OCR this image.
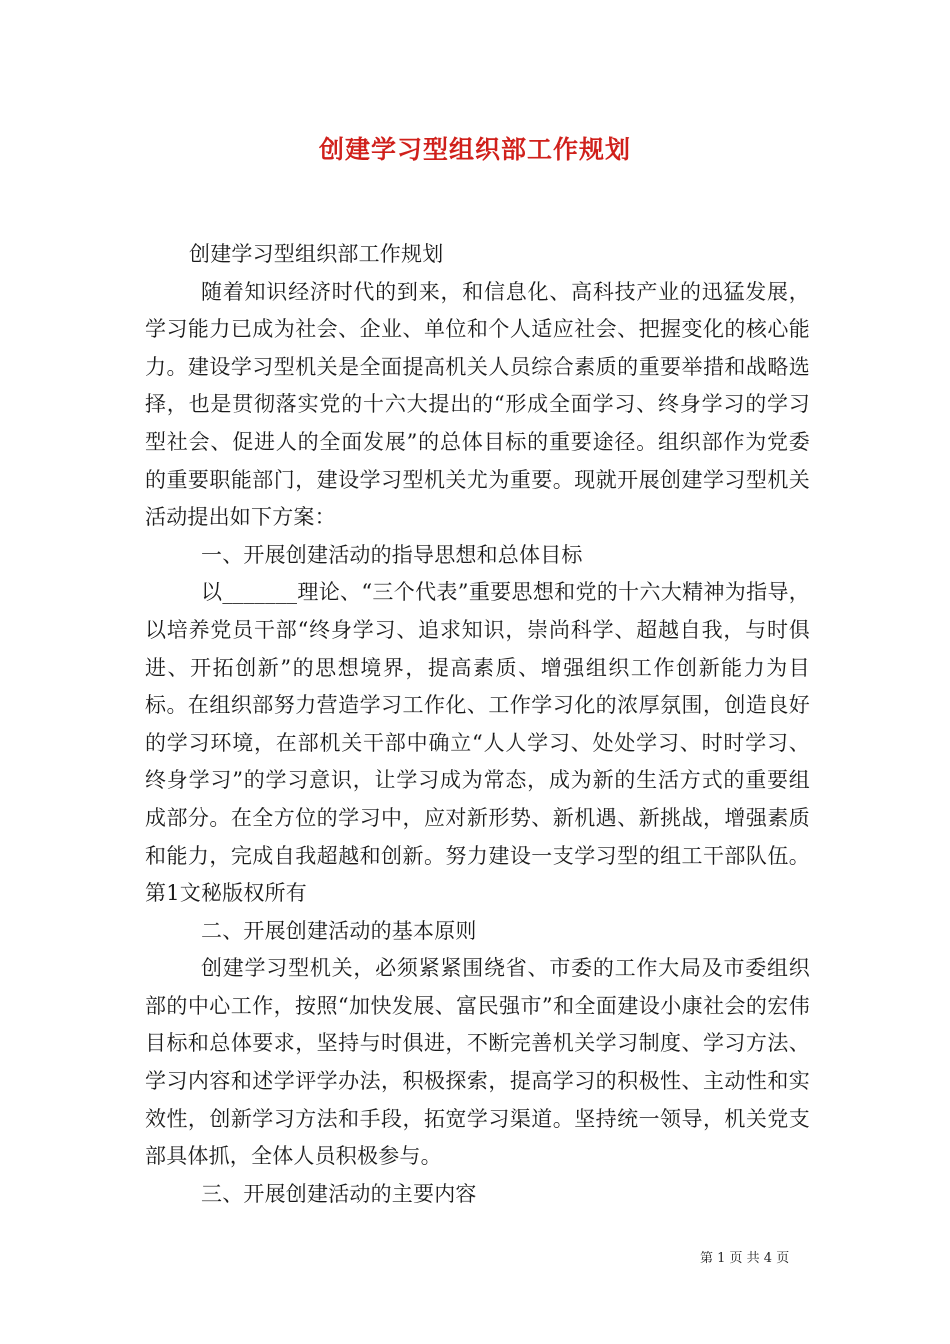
创建学习型组织部工作规划

创建学习型组织部工作规划

随着知识经济时代的到来，和信息化、高科技产业的迅猛发展，学习能力已成为社会、企业、单位和个人适应社会、把握变化的核心能力。建设学习型机关是全面提高机关人员综合素质的重要举措和战略选择，也是贯彻落实党的十六大提出的“形成全面学习、终身学习的学习型社会、促进人的全面发展”的总体目标的重要途径。组织部作为党委的重要职能部门，建设学习型机关尤为重要。现就开展创建学习型机关活动提出如下方案：

一、开展创建活动的指导思想和总体目标

以_______理论、“三个代表”重要思想和党的十六大精神为指导，以培养党员干部“终身学习、追求知识，崇尚科学、超越自我，与时俱进、开拓创新”的思想境界，提高素质、增强组织工作创新能力为目标。在组织部努力营造学习工作化、工作学习化的浓厚氛围，创造良好的学习环境，在部机关干部中确立“人人学习、处处学习、时时学习、终身学习”的学习意识，让学习成为常态，成为新的生活方式的重要组成部分。在全方位的学习中，应对新形势、新机遇、新挑战，增强素质和能力，完成自我超越和创新。努力建设一支学习型的组工干部队伍。第1文秘版权所有

二、开展创建活动的基本原则

创建学习型机关，必须紧紧围绕省、市委的工作大局及市委组织部的中心工作，按照“加快发展、富民强市”和全面建设小康社会的宏伟目标和总体要求，坚持与时俱进，不断完善机关学习制度、学习方法、学习内容和述学评学办法，积极探索，提高学习的积极性、主动性和实效性，创新学习方法和手段，拓宽学习渠道。坚持统一领导，机关党支部具体抓，全体人员积极参与。

三、开展创建活动的主要内容

第 1 页 共 4 页
